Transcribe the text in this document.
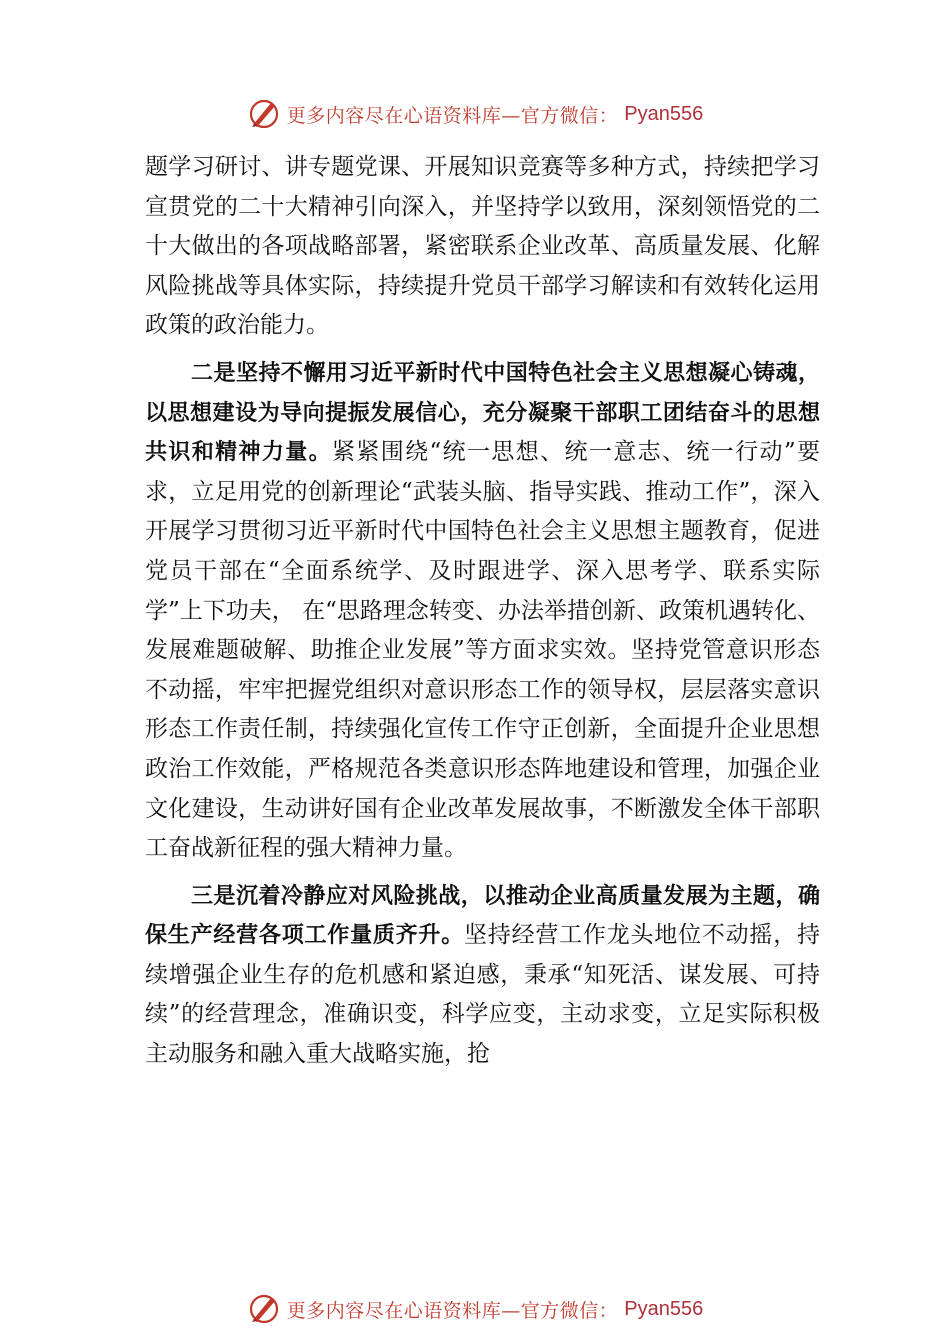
更多内容尽在心语资料库—官方微信： Pyan556

题学习研讨、讲专题党课、开展知识竞赛等多种方式，持续把学习宣贯党的二十大精神引向深入，并坚持学以致用，深刻领悟党的二十大做出的各项战略部署，紧密联系企业改革、高质量发展、化解风险挑战等具体实际，持续提升党员干部学习解读和有效转化运用政策的政治能力。

二是坚持不懈用习近平新时代中国特色社会主义思想凝心铸魂，以思想建设为导向提振发展信心，充分凝聚干部职工团结奋斗的思想共识和精神力量。紧紧围绕“统一思想、统一意志、统一行动”要求，立足用党的创新理论“武装头脑、指导实践、推动工作”，深入开展学习贯彻习近平新时代中国特色社会主义思想主题教育，促进党员干部在“全面系统学、及时跟进学、深入思考学、联系实际学”上下功夫， 在“思路理念转变、办法举措创新、政策机遇转化、发展难题破解、助推企业发展”等方面求实效。坚持党管意识形态不动摇，牢牢把握党组织对意识形态工作的领导权，层层落实意识形态工作责任制，持续强化宣传工作守正创新，全面提升企业思想政治工作效能，严格规范各类意识形态阵地建设和管理，加强企业文化建设，生动讲好国有企业改革发展故事，不断激发全体干部职工奋战新征程的强大精神力量。

三是沉着冷静应对风险挑战，以推动企业高质量发展为主题，确保生产经营各项工作量质齐升。坚持经营工作龙头地位不动摇，持续增强企业生存的危机感和紧迫感，秉承“知死活、谋发展、可持续”的经营理念，准确识变，科学应变，主动求变，立足实际积极主动服务和融入重大战略实施，抢

更多内容尽在心语资料库—官方微信： Pyan556
